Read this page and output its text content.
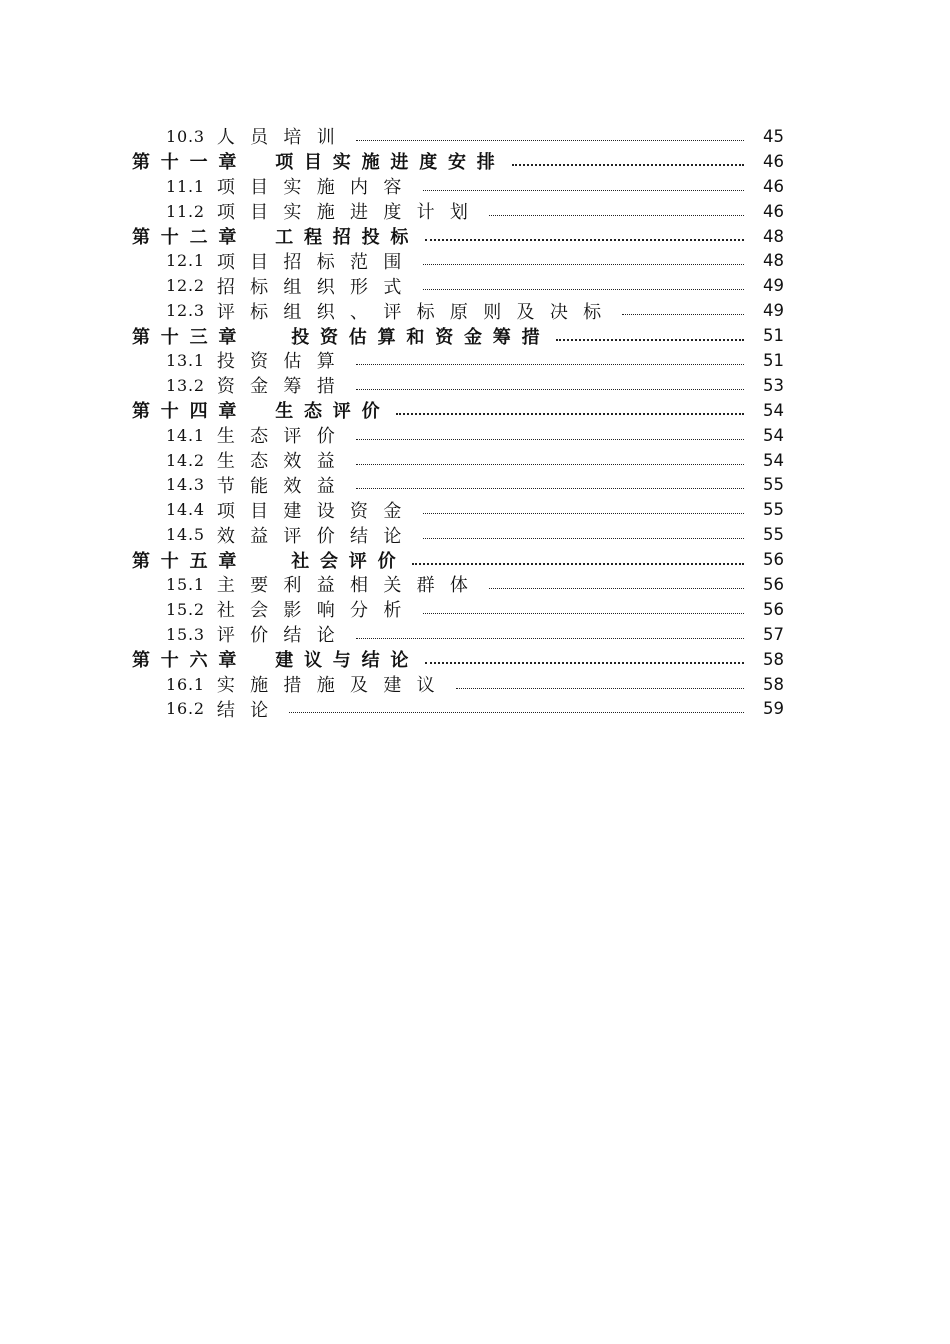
10.3 人员培训	45
第十一章 项目实施进度安排	46
11.1 项目实施内容	46
11.2 项目实施进度计划	46
第十二章 工程招投标	48
12.1 项目招标范围	48
12.2 招标组织形式	49
12.3 评标组织、评标原则及决标	49
第十三章 投资估算和资金筹措	51
13.1 投资估算	51
13.2 资金筹措	53
第十四章 生态评价	54
14.1 生态评价	54
14.2 生态效益	54
14.3 节能效益	55
14.4 项目建设资金	55
14.5 效益评价结论	55
第十五章 社会评价	56
15.1 主要利益相关群体	56
15.2 社会影响分析	56
15.3 评价结论	57
第十六章 建议与结论	58
16.1 实施措施及建议	58
16.2 结论	59
